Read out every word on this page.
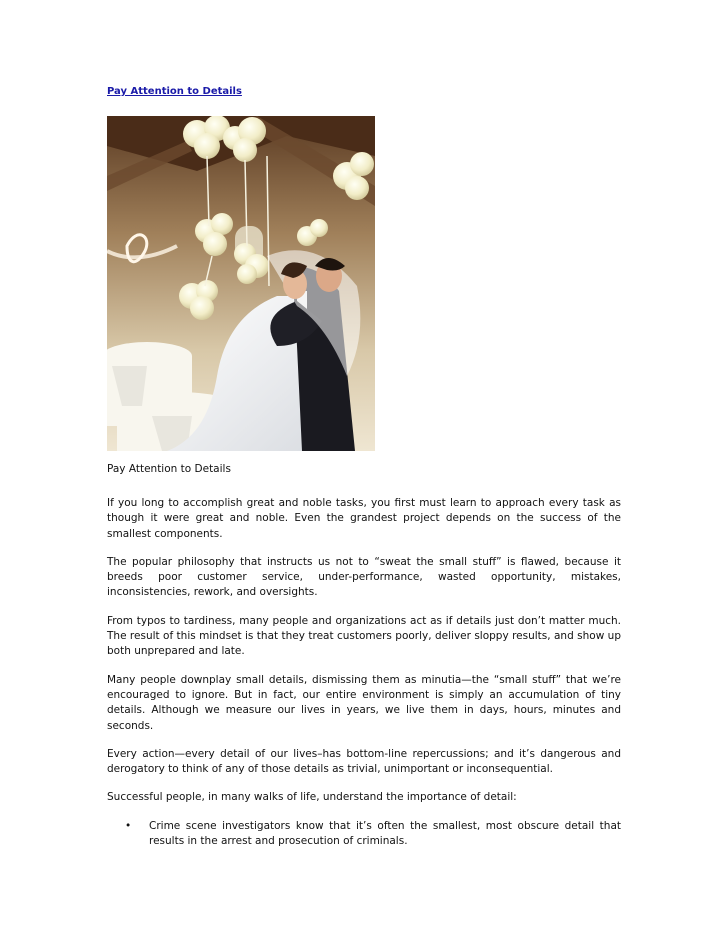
Pay Attention to Details
Pay Attention to Details

If you long to accomplish great and noble tasks, you first must learn to approach every task as though it were great and noble. Even the grandest project depends on the success of the smallest components.

The popular philosophy that instructs us not to “sweat the small stuff” is flawed, because it breeds poor customer service, under-performance, wasted opportunity, mistakes, inconsistencies, rework, and oversights.

From typos to tardiness, many people and organizations act as if details just don’t matter much. The result of this mindset is that they treat customers poorly, deliver sloppy results, and show up both unprepared and late.

Many people downplay small details, dismissing them as minutia—the “small stuff” that we’re encouraged to ignore. But in fact, our entire environment is simply an accumulation of tiny details. Although we measure our lives in years, we live them in days, hours, minutes and seconds.

Every action—every detail of our lives–has bottom-line repercussions; and it’s dangerous and derogatory to think of any of those details as trivial, unimportant or inconsequential.

Successful people, in many walks of life, understand the importance of detail:

• Crime scene investigators know that it’s often the smallest, most obscure detail that results in the arrest and prosecution of criminals.
